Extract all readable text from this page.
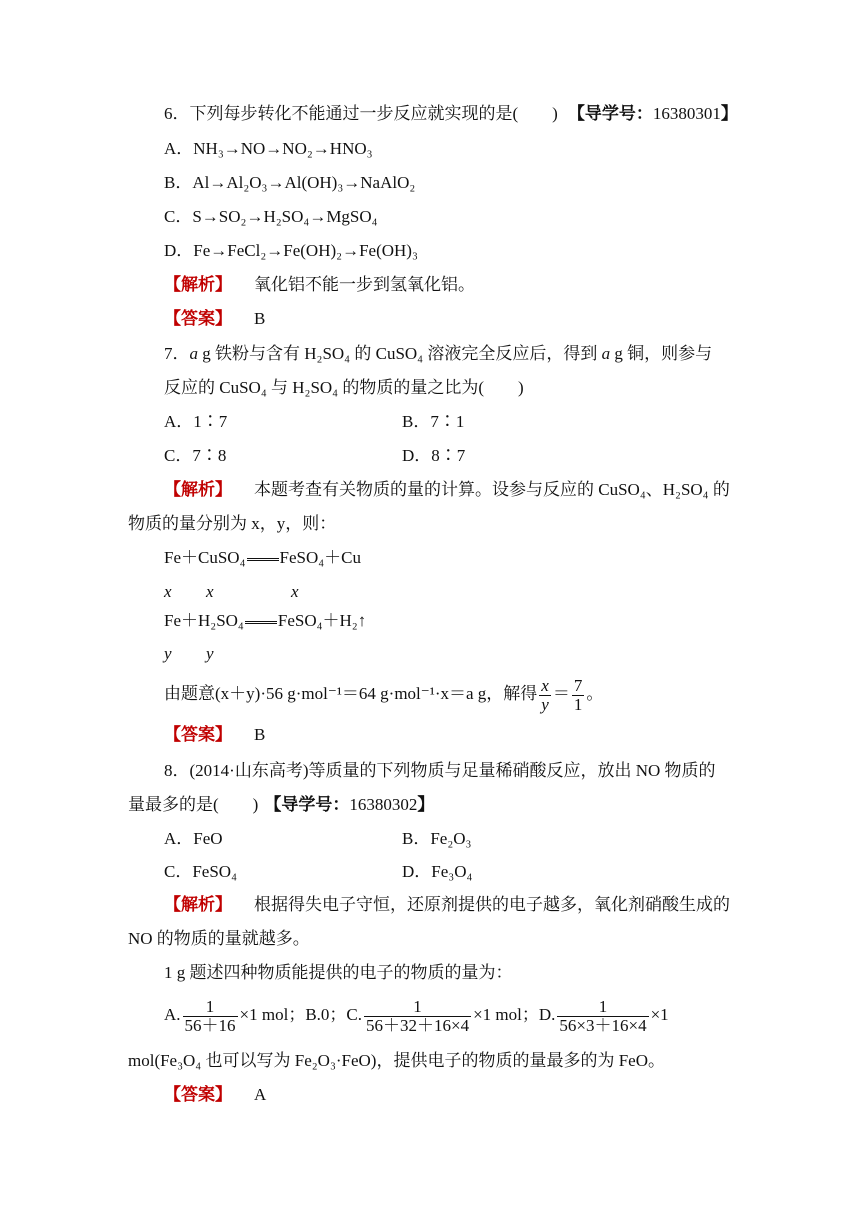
6．下列每步转化不能通过一步反应就实现的是(　　) 【导学号：16380301】
A．NH₃→NO→NO₂→HNO₃
B．Al→Al₂O₃→Al(OH)₃→NaAlO₂
C．S→SO₂→H₂SO₄→MgSO₄
D．Fe→FeCl₂→Fe(OH)₂→Fe(OH)₃
【解析】 氧化铝不能一步到氢氧化铝。
【答案】 B
7．a g 铁粉与含有 H₂SO₄ 的 CuSO₄ 溶液完全反应后，得到 a g 铜，则参与
反应的 CuSO₄ 与 H₂SO₄ 的物质的量之比为(　　)
A．1∶7	B．7∶1
C．7∶8	D．8∶7
【解析】 本题考查有关物质的量的计算。设参与反应的 CuSO₄、H₂SO₄ 的
物质的量分别为 x，y，则：
Fe＋CuSO₄ FeSO₄＋Cu
x x	x
Fe＋H₂SO₄ FeSO₄＋H₂↑
y y
由题意(x＋y)·56 g·mol⁻¹＝64 g·mol⁻¹·x＝a g，解得 $\frac{x}{y} = \frac{7}{1}$ 。
【答案】 B
8．(2014·山东高考)等质量的下列物质与足量稀硝酸反应，放出 NO 物质的
量最多的是(　　) 【导学号：16380302】
A．FeO	B．Fe₂O₃
C．FeSO₄	D．Fe₃O₄
【解析】 根据得失电子守恒，还原剂提供的电子越多，氧化剂硝酸生成的
NO 的物质的量就越多。
1 g 题述四种物质能提供的电子的物质的量为：
A. $\frac{1}{56+16} \times 1$ mol；B.0；C. $\frac{1}{56+32+16\times 4} \times 1$ mol；D. $\frac{1}{56\times 3+16\times 4} \times 1$
mol(Fe₃O₄ 也可以写为 Fe₂O₃·FeO)，提供电子的物质的量最多的为 FeO。
【答案】 A
